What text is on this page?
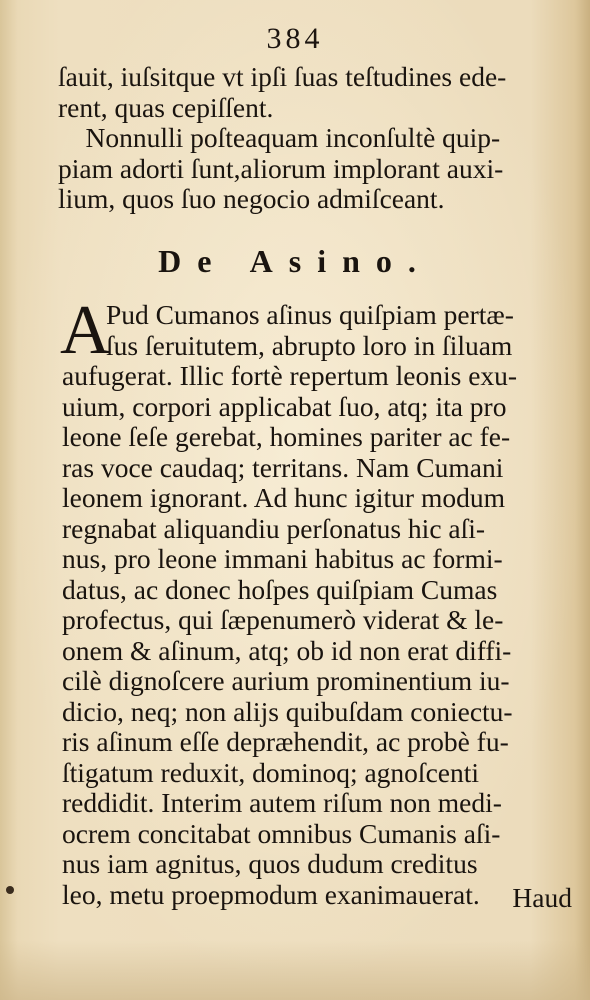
384
ſauit, iuſsitque vt ipſi ſuas teſtudines ede-
rent, quas cepiſſent.
Nonnulli poſteaquam inconſultè quip-
piam adorti ſunt,aliorum implorant auxi-
lium, quos ſuo negocio admiſceant.
De Asino.
A
Pud Cumanos aſinus quiſpiam pertæ-
ſus ſeruitutem, abrupto loro in ſiluam
aufugerat. Illic fortè repertum leonis exu-
uium, corpori applicabat ſuo, atq; ita pro
leone ſeſe gerebat, homines pariter ac fe-
ras voce caudaq; territans. Nam Cumani
leonem ignorant. Ad hunc igitur modum
regnabat aliquandiu perſonatus hic aſi-
nus, pro leone immani habitus ac formi-
datus, ac donec hoſpes quiſpiam Cumas
profectus, qui ſæpenumerò viderat & le-
onem & aſinum, atq; ob id non erat diffi-
cilè dignoſcere aurium prominentium iu-
dicio, neq; non alijs quibuſdam coniectu-
ris aſinum eſſe depræhendit, ac probè fu-
ſtigatum reduxit, dominoq; agnoſcenti
reddidit. Interim autem riſum non medi-
ocrem concitabat omnibus Cumanis aſi-
nus iam agnitus, quos dudum creditus
leo, metu proepmodum exanimauerat.	Haud
